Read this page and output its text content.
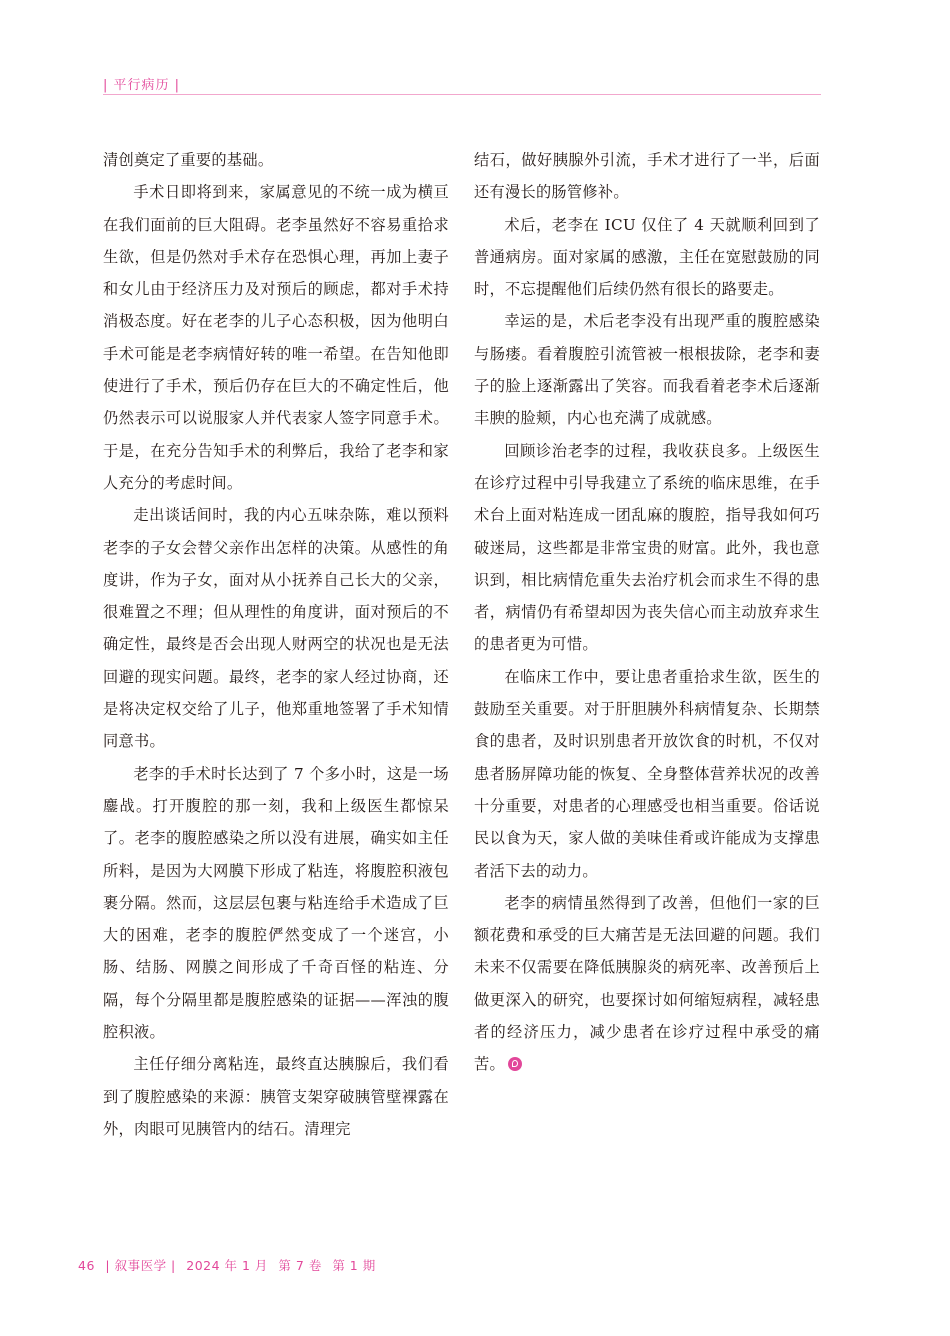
| 平行病历 |

清创奠定了重要的基础。

手术日即将到来，家属意见的不统一成为横亘在我们面前的巨大阻碍。老李虽然好不容易重拾求生欲，但是仍然对手术存在恐惧心理，再加上妻子和女儿由于经济压力及对预后的顾虑，都对手术持消极态度。好在老李的儿子心态积极，因为他明白手术可能是老李病情好转的唯一希望。在告知他即使进行了手术，预后仍存在巨大的不确定性后，他仍然表示可以说服家人并代表家人签字同意手术。于是，在充分告知手术的利弊后，我给了老李和家人充分的考虑时间。

走出谈话间时，我的内心五味杂陈，难以预料老李的子女会替父亲作出怎样的决策。从感性的角度讲，作为子女，面对从小抚养自己长大的父亲，很难置之不理；但从理性的角度讲，面对预后的不确定性，最终是否会出现人财两空的状况也是无法回避的现实问题。最终，老李的家人经过协商，还是将决定权交给了儿子，他郑重地签署了手术知情同意书。

老李的手术时长达到了 7 个多小时，这是一场鏖战。打开腹腔的那一刻，我和上级医生都惊呆了。老李的腹腔感染之所以没有进展，确实如主任所料，是因为大网膜下形成了粘连，将腹腔积液包裹分隔。然而，这层层包裹与粘连给手术造成了巨大的困难，老李的腹腔俨然变成了一个迷宫，小肠、结肠、网膜之间形成了千奇百怪的粘连、分隔，每个分隔里都是腹腔感染的证据——浑浊的腹腔积液。

主任仔细分离粘连，最终直达胰腺后，我们看到了腹腔感染的来源：胰管支架穿破胰管壁裸露在外，肉眼可见胰管内的结石。清理完

结石，做好胰腺外引流，手术才进行了一半，后面还有漫长的肠管修补。

术后，老李在 ICU 仅住了 4 天就顺利回到了普通病房。面对家属的感激，主任在宽慰鼓励的同时，不忘提醒他们后续仍然有很长的路要走。

幸运的是，术后老李没有出现严重的腹腔感染与肠瘘。看着腹腔引流管被一根根拔除，老李和妻子的脸上逐渐露出了笑容。而我看着老李术后逐渐丰腴的脸颊，内心也充满了成就感。

回顾诊治老李的过程，我收获良多。上级医生在诊疗过程中引导我建立了系统的临床思维，在手术台上面对粘连成一团乱麻的腹腔，指导我如何巧破迷局，这些都是非常宝贵的财富。此外，我也意识到，相比病情危重失去治疗机会而求生不得的患者，病情仍有希望却因为丧失信心而主动放弃求生的患者更为可惜。

在临床工作中，要让患者重拾求生欲，医生的鼓励至关重要。对于肝胆胰外科病情复杂、长期禁食的患者，及时识别患者开放饮食的时机，不仅对患者肠屏障功能的恢复、全身整体营养状况的改善十分重要，对患者的心理感受也相当重要。俗话说民以食为天，家人做的美味佳肴或许能成为支撑患者活下去的动力。

老李的病情虽然得到了改善，但他们一家的巨额花费和承受的巨大痛苦是无法回避的问题。我们未来不仅需要在降低胰腺炎的病死率、改善预后上做更深入的研究，也要探讨如何缩短病程，减轻患者的经济压力，减少患者在诊疗过程中承受的痛苦。

46 | 叙事医学 | 2024 年 1 月 第 7 卷 第 1 期
